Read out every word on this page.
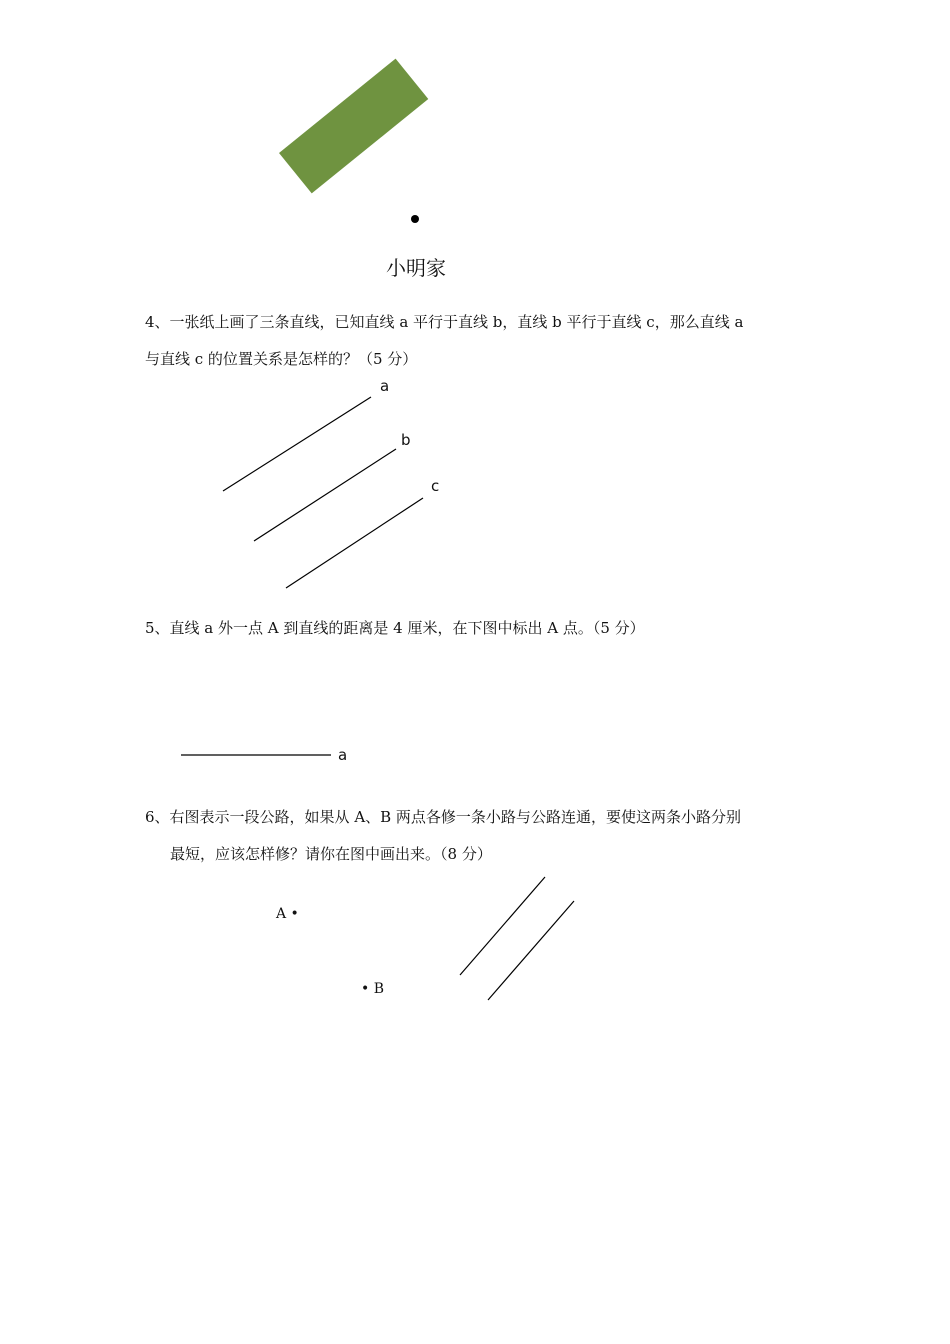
公 路
小明家
4、一张纸上画了三条直线，已知直线 a 平行于直线 b，直线 b 平行于直线 c，那么直线 a
与直线 c 的位置关系是怎样的？（5 分）
a
b
c
5、直线 a 外一点 A 到直线的距离是 4 厘米，在下图中标出 A 点。（5 分）
a
6、右图表示一段公路，如果从 A、B 两点各修一条小路与公路连通，要使这两条小路分别
最短，应该怎样修？请你在图中画出来。（8 分）
A •
• B
